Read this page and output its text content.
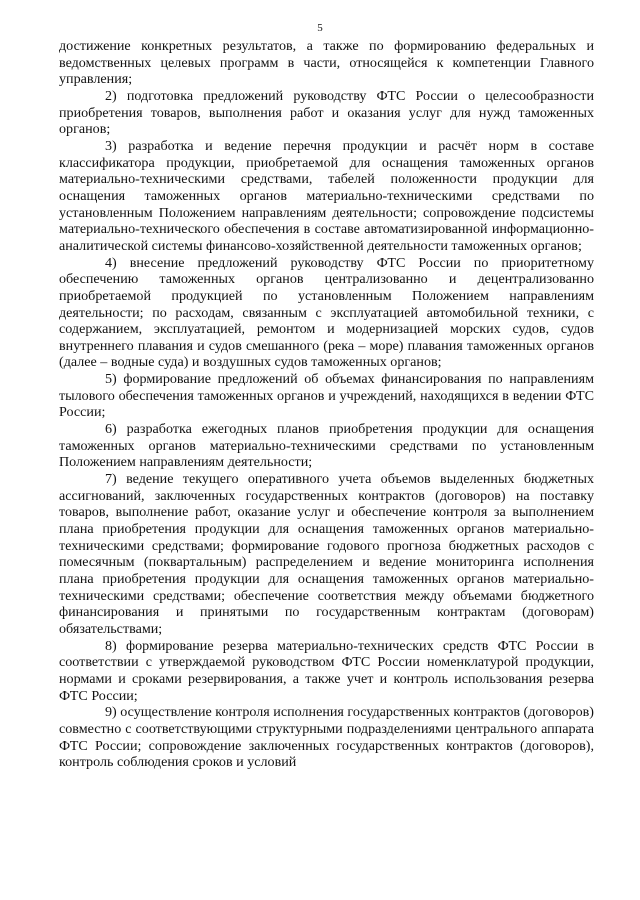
5

достижение конкретных результатов, а также по формированию федеральных и ведомственных целевых программ в части, относящейся к компетенции Главного управления;

2) подготовка предложений руководству ФТС России о целесообразности приобретения товаров, выполнения работ и оказания услуг для нужд таможенных органов;

3) разработка и ведение перечня продукции и расчёт норм в составе классификатора продукции, приобретаемой для оснащения таможенных органов материально-техническими средствами, табелей положенности продукции для оснащения таможенных органов материально-техническими средствами по установленным Положением направлениям деятельности; сопровождение подсистемы материально-технического обеспечения в составе автоматизированной информационно-аналитической системы финансово-хозяйственной деятельности таможенных органов;

4) внесение предложений руководству ФТС России по приоритетному обеспечению таможенных органов централизованно и децентрализованно приобретаемой продукцией по установленным Положением направлениям деятельности; по расходам, связанным с эксплуатацией автомобильной техники, с содержанием, эксплуатацией, ремонтом и модернизацией морских судов, судов внутреннего плавания и судов смешанного (река – море) плавания таможенных органов (далее – водные суда) и воздушных судов таможенных органов;

5) формирование предложений об объемах финансирования по направлениям тылового обеспечения таможенных органов и учреждений, находящихся в ведении ФТС России;

6) разработка ежегодных планов приобретения продукции для оснащения таможенных органов материально-техническими средствами по установленным Положением направлениям деятельности;

7) ведение текущего оперативного учета объемов выделенных бюджетных ассигнований, заключенных государственных контрактов (договоров) на поставку товаров, выполнение работ, оказание услуг и обеспечение контроля за выполнением плана приобретения продукции для оснащения таможенных органов материально-техническими средствами; формирование годового прогноза бюджетных расходов с помесячным (поквартальным) распределением и ведение мониторинга исполнения плана приобретения продукции для оснащения таможенных органов материально-техническими средствами; обеспечение соответствия между объемами бюджетного финансирования и принятыми по государственным контрактам (договорам) обязательствами;

8) формирование резерва материально-технических средств ФТС России в соответствии с утверждаемой руководством ФТС России номенклатурой продукции, нормами и сроками резервирования, а также учет и контроль использования резерва ФТС России;

9) осуществление контроля исполнения государственных контрактов (договоров) совместно с соответствующими структурными подразделениями центрального аппарата ФТС России; сопровождение заключенных государственных контрактов (договоров), контроль соблюдения сроков и условий
